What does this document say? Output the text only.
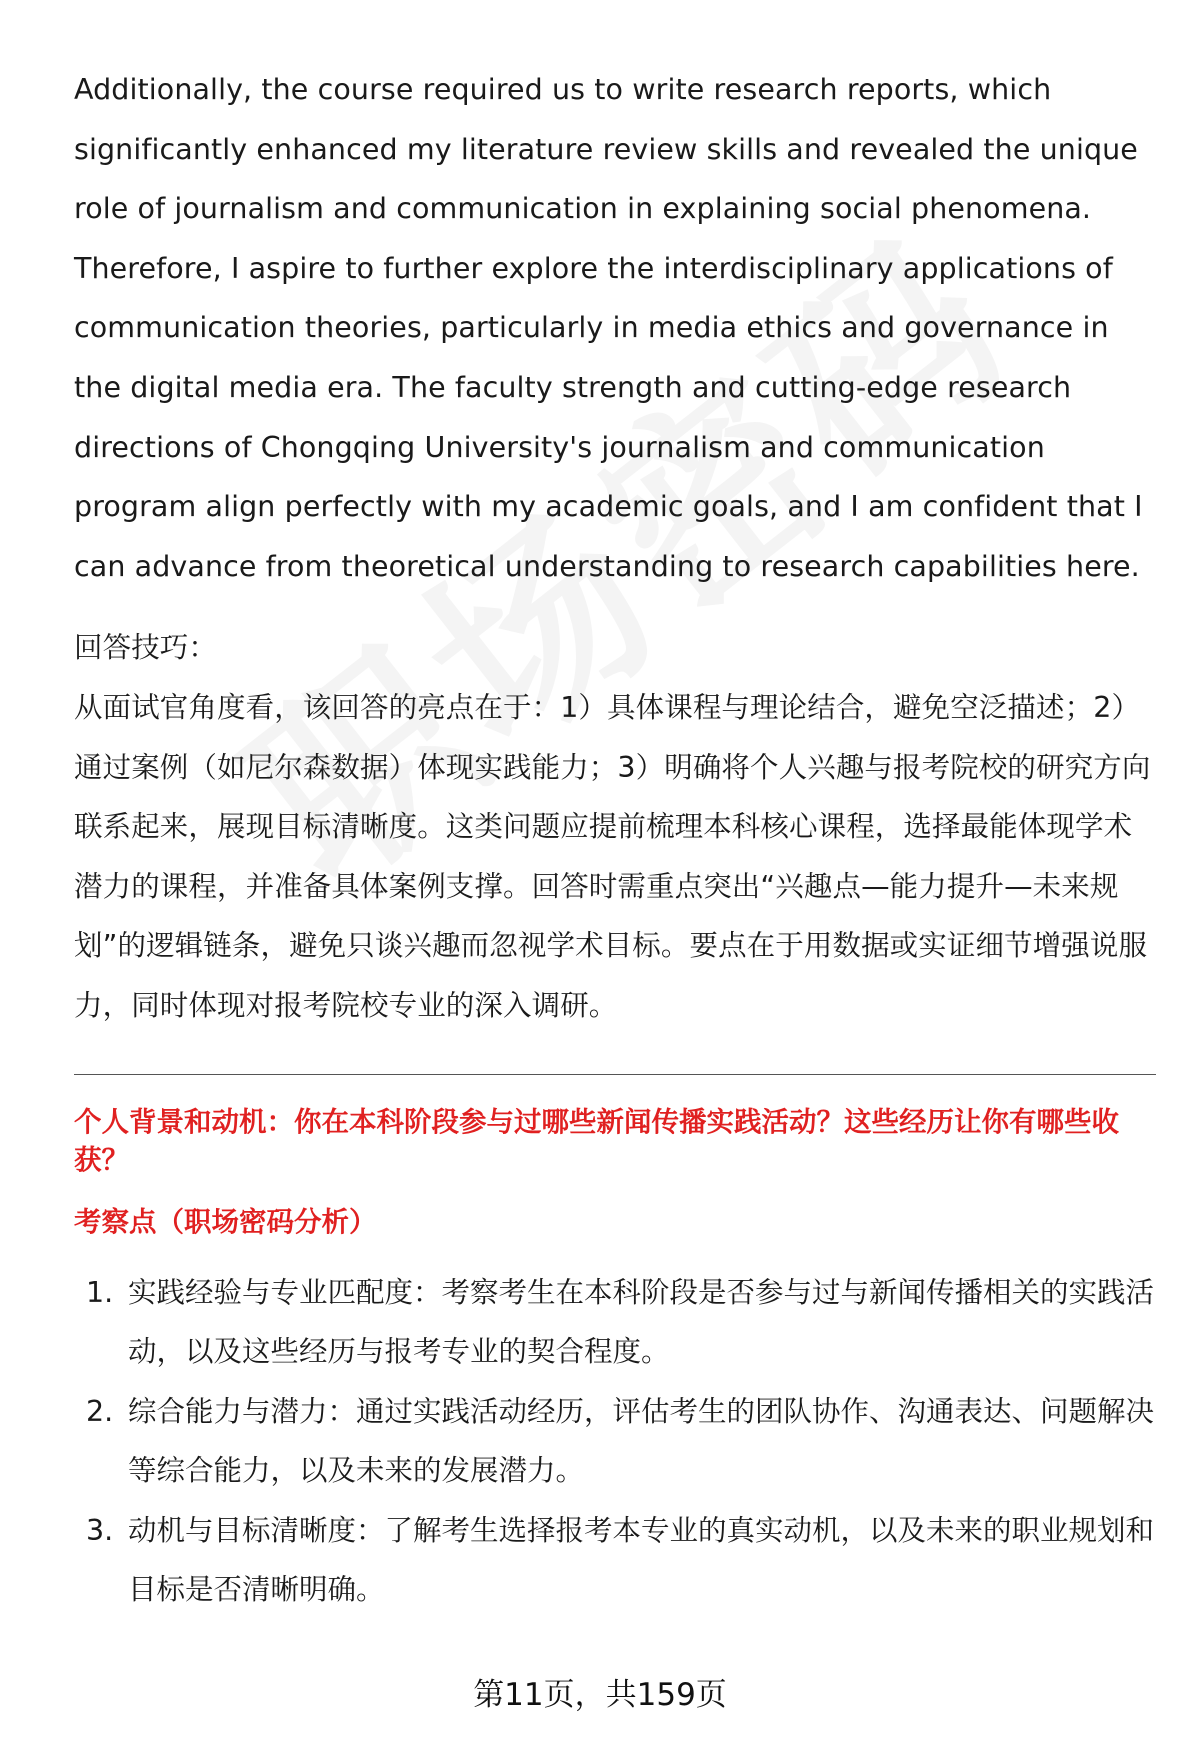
Additionally, the course required us to write research reports, which significantly enhanced my literature review skills and revealed the unique role of journalism and communication in explaining social phenomena. Therefore, I aspire to further explore the interdisciplinary applications of communication theories, particularly in media ethics and governance in the digital media era. The faculty strength and cutting-edge research directions of Chongqing University's journalism and communication program align perfectly with my academic goals, and I am confident that I can advance from theoretical understanding to research capabilities here.

回答技巧：

从面试官角度看，该回答的亮点在于：1）具体课程与理论结合，避免空泛描述；2）通过案例（如尼尔森数据）体现实践能力；3）明确将个人兴趣与报考院校的研究方向联系起来，展现目标清晰度。这类问题应提前梳理本科核心课程，选择最能体现学术潜力的课程，并准备具体案例支撑。回答时需重点突出“兴趣点—能力提升—未来规划”的逻辑链条，避免只谈兴趣而忽视学术目标。要点在于用数据或实证细节增强说服力，同时体现对报考院校专业的深入调研。

个人背景和动机：你在本科阶段参与过哪些新闻传播实践活动？这些经历让你有哪些收获？

考察点（职场密码分析）

1. 实践经验与专业匹配度：考察考生在本科阶段是否参与过与新闻传播相关的实践活动，以及这些经历与报考专业的契合程度。
2. 综合能力与潜力：通过实践活动经历，评估考生的团队协作、沟通表达、问题解决等综合能力，以及未来的发展潜力。
3. 动机与目标清晰度：了解考生选择报考本专业的真实动机，以及未来的职业规划和目标是否清晰明确。
第11页，共159页
